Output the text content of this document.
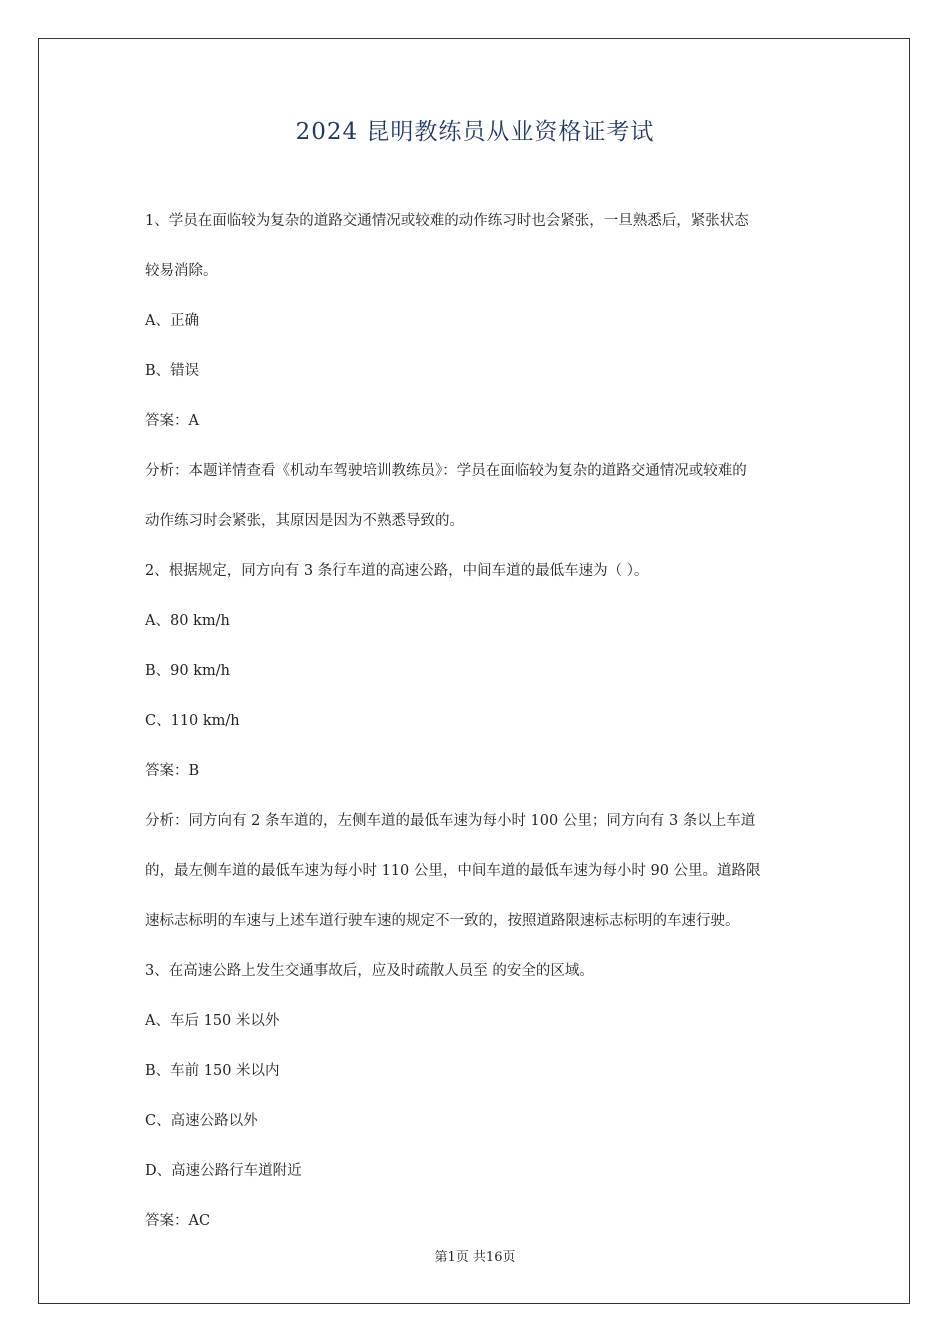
2024 昆明教练员从业资格证考试
1、学员在面临较为复杂的道路交通情况或较难的动作练习时也会紧张，一旦熟悉后，紧张状态
较易消除。
A、正确
B、错误
答案：A
分析：本题详情查看《机动车驾驶培训教练员》：学员在面临较为复杂的道路交通情况或较难的
动作练习时会紧张，其原因是因为不熟悉导致的。
2、根据规定，同方向有 3 条行车道的高速公路，中间车道的最低车速为（ ）。
A、80 km/h
B、90 km/h
C、110 km/h
答案：B
分析：同方向有 2 条车道的，左侧车道的最低车速为每小时 100 公里；同方向有 3 条以上车道
的，最左侧车道的最低车速为每小时 110 公里，中间车道的最低车速为每小时 90 公里。道路限
速标志标明的车速与上述车道行驶车速的规定不一致的，按照道路限速标志标明的车速行驶。
3、在高速公路上发生交通事故后，应及时疏散人员至 的安全的区域。
A、车后 150 米以外
B、车前 150 米以内
C、高速公路以外
D、高速公路行车道附近
答案：AC
第1页 共16页
